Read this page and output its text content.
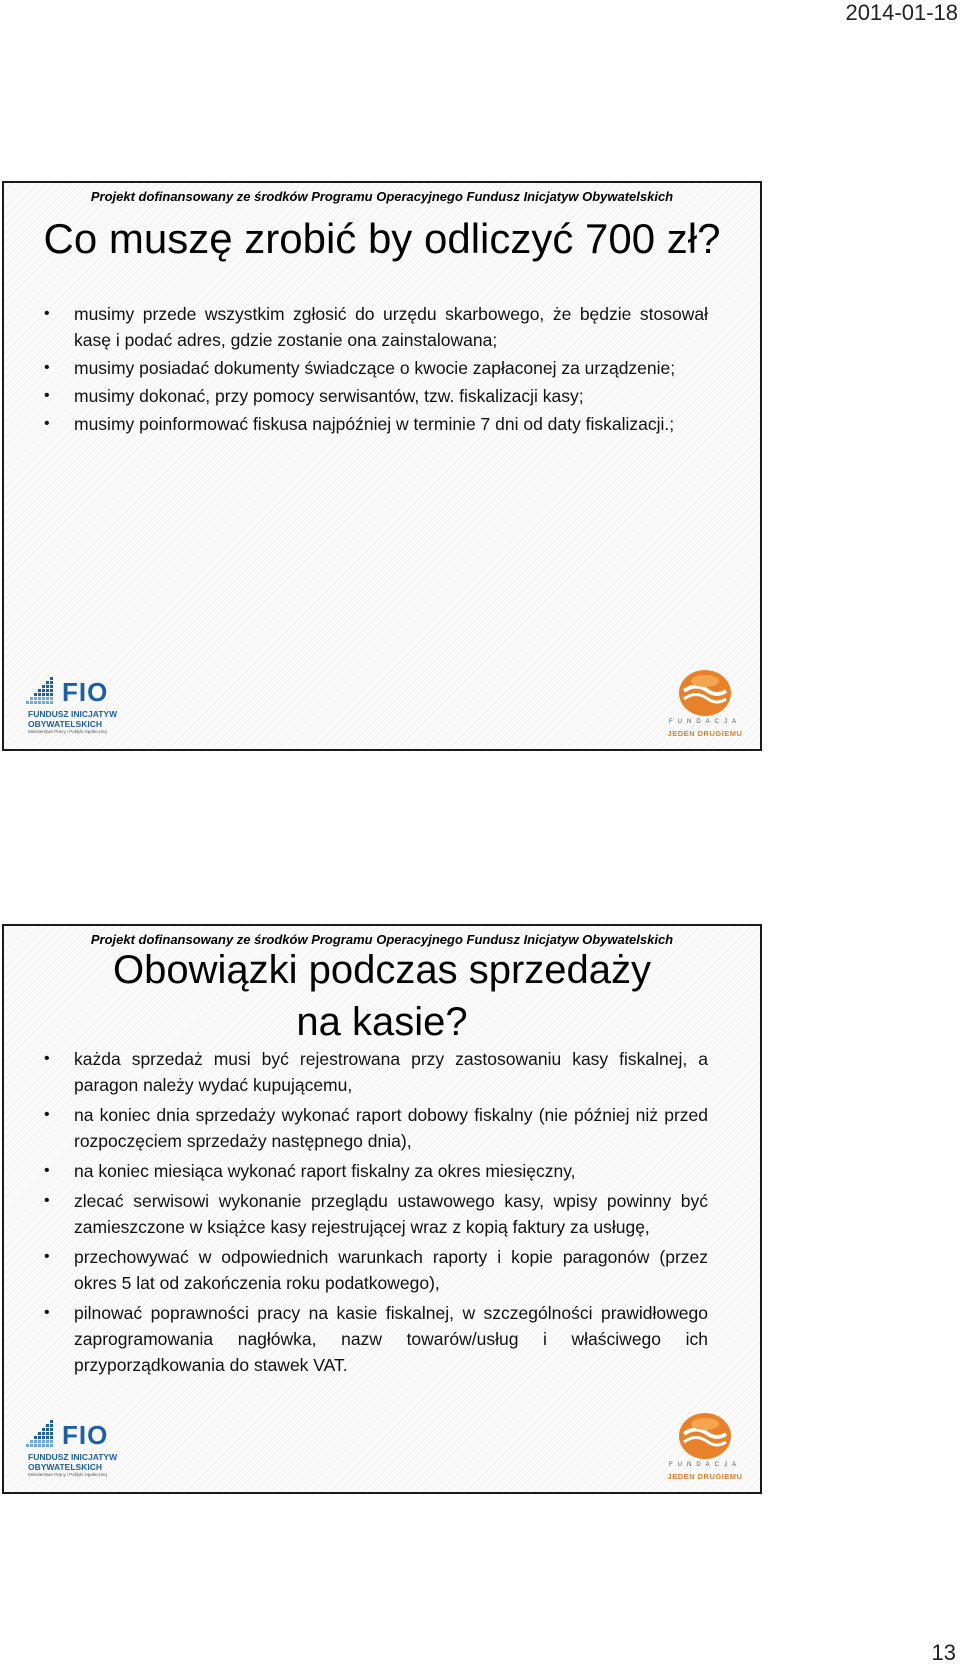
2014-01-18
Projekt dofinansowany ze środków Programu Operacyjnego Fundusz Inicjatyw Obywatelskich
Co muszę zrobić by odliczyć 700 zł?
• musimy przede wszystkim zgłosić do urzędu skarbowego, że będzie stosował kasę i podać adres, gdzie zostanie ona zainstalowana;
• musimy posiadać dokumenty świadczące o kwocie zapłaconej za urządzenie;
• musimy dokonać, przy pomocy serwisantów, tzw. fiskalizacji kasy;
• musimy poinformować fiskusa najpóźniej w terminie 7 dni od daty fiskalizacji.;
FIO
FUNDUSZ INICJATYW
OBYWATELSKICH
Ministerstwo Pracy i Polityki Społecznej
FUNDACJA
JEDEN DRUGIEMU
Projekt dofinansowany ze środków Programu Operacyjnego Fundusz Inicjatyw Obywatelskich
Obowiązki podczas sprzedaży na kasie?
• każda sprzedaż musi być rejestrowana przy zastosowaniu kasy fiskalnej, a paragon należy wydać kupującemu,
• na koniec dnia sprzedaży wykonać raport dobowy fiskalny (nie później niż przed rozpoczęciem sprzedaży następnego dnia),
• na koniec miesiąca wykonać raport fiskalny za okres miesięczny,
• zlecać serwisowi wykonanie przeglądu ustawowego kasy, wpisy powinny być zamieszczone w książce kasy rejestrującej wraz z kopią faktury za usługę,
• przechowywać w odpowiednich warunkach raporty i kopie paragonów (przez okres 5 lat od zakończenia roku podatkowego),
• pilnować poprawności pracy na kasie fiskalnej, w szczególności prawidłowego zaprogramowania nagłówka, nazw towarów/usług i właściwego ich przyporządkowania do stawek VAT.
FIO
FUNDUSZ INICJATYW
OBYWATELSKICH
Ministerstwo Pracy i Polityki Społecznej
FUNDACJA
JEDEN DRUGIEMU
13
